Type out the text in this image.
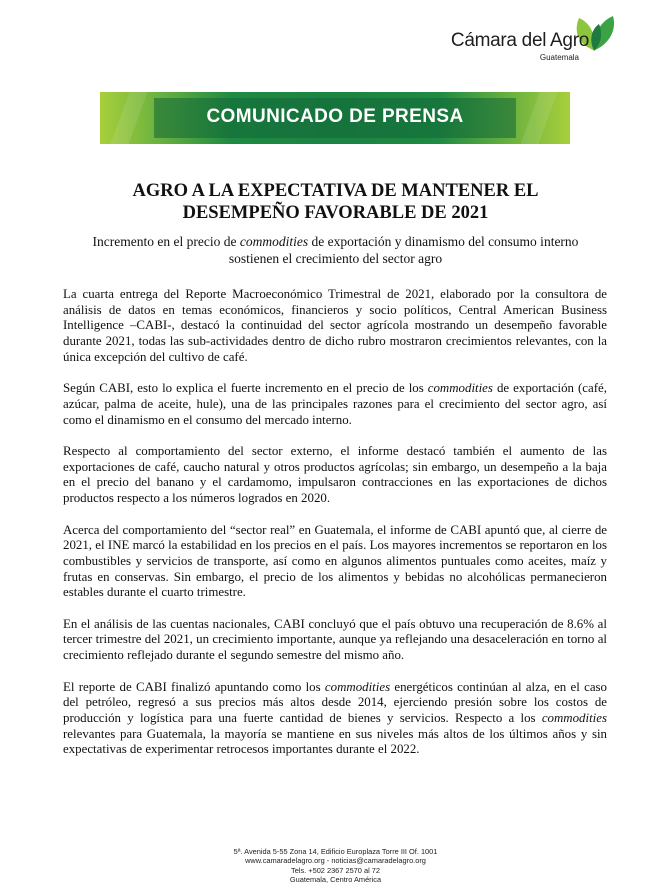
Cámara del Agro
Guatemala
COMUNICADO DE PRENSA
AGRO A LA EXPECTATIVA DE MANTENER EL
DESEMPEÑO FAVORABLE DE 2021
Incremento en el precio de commodities de exportación y dinamismo del consumo interno sostienen el crecimiento del sector agro

La cuarta entrega del Reporte Macroeconómico Trimestral de 2021, elaborado por la consultora de análisis de datos en temas económicos, financieros y socio políticos, Central American Business Intelligence –CABI-, destacó la continuidad del sector agrícola mostrando un desempeño favorable durante 2021, todas las sub-actividades dentro de dicho rubro mostraron crecimientos relevantes, con la única excepción del cultivo de café.

Según CABI, esto lo explica el fuerte incremento en el precio de los commodities de exportación (café, azúcar, palma de aceite, hule), una de las principales razones para el crecimiento del sector agro, así como el dinamismo en el consumo del mercado interno.

Respecto al comportamiento del sector externo, el informe destacó también el aumento de las exportaciones de café, caucho natural y otros productos agrícolas; sin embargo, un desempeño a la baja en el precio del banano y el cardamomo, impulsaron contracciones en las exportaciones de dichos productos respecto a los números logrados en 2020.

Acerca del comportamiento del “sector real” en Guatemala, el informe de CABI apuntó que, al cierre de 2021, el INE marcó la estabilidad en los precios en el país. Los mayores incrementos se reportaron en los combustibles y servicios de transporte, así como en algunos alimentos puntuales como aceites, maíz y frutas en conservas. Sin embargo, el precio de los alimentos y bebidas no alcohólicas permanecieron estables durante el cuarto trimestre.

En el análisis de las cuentas nacionales, CABI concluyó que el país obtuvo una recuperación de 8.6% al tercer trimestre del 2021, un crecimiento importante, aunque ya reflejando una desaceleración en torno al crecimiento reflejado durante el segundo semestre del mismo año.

El reporte de CABI finalizó apuntando como los commodities energéticos continúan al alza, en el caso del petróleo, regresó a sus precios más altos desde 2014, ejerciendo presión sobre los costos de producción y logística para una fuerte cantidad de bienes y servicios. Respecto a los commodities relevantes para Guatemala, la mayoría se mantiene en sus niveles más altos de los últimos años y sin expectativas de experimentar retrocesos importantes durante el 2022.

5ª. Avenida 5-55 Zona 14, Edificio Europlaza Torre III Of. 1001
www.camaradelagro.org - noticias@camaradelagro.org
Tels. +502 2367 2570 al 72
Guatemala, Centro América
